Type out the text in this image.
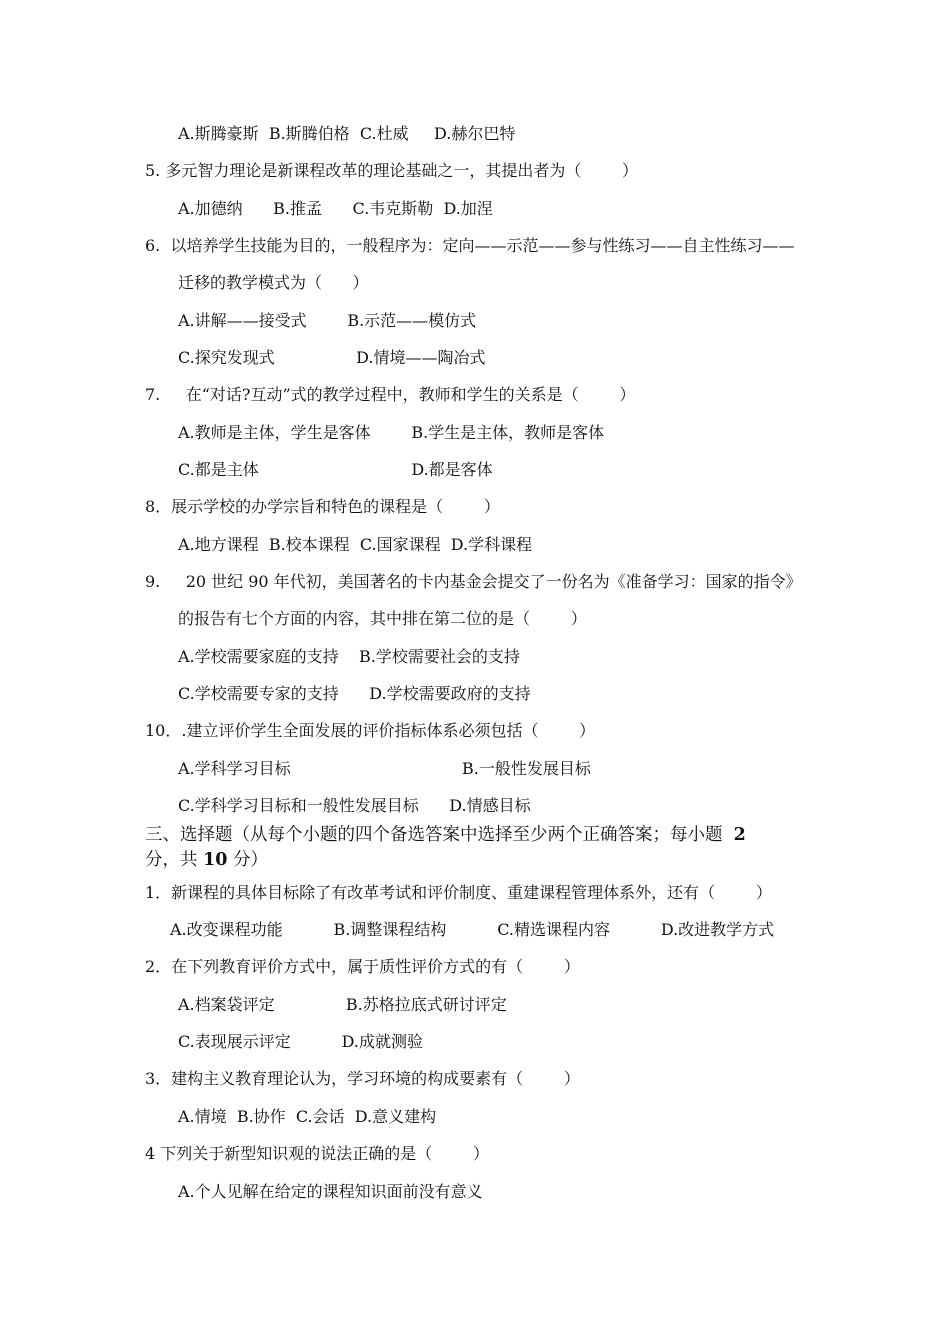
A.斯腾豪斯  B.斯腾伯格  C.杜威     D.赫尔巴特
5. 多元智力理论是新课程改革的理论基础之一，其提出者为（        ）
A.加德纳      B.推孟      C.韦克斯勒  D.加涅
6.  以培养学生技能为目的，一般程序为：定向——示范——参与性练习——自主性练习——
迁移的教学模式为（      ）
A.讲解——接受式        B.示范——模仿式
C.探究发现式                D.情境——陶冶式
7.     在“对话?互动”式的教学过程中，教师和学生的关系是（        ）
A.教师是主体，学生是客体        B.学生是主体，教师是客体
C.都是主体                              D.都是客体
8．展示学校的办学宗旨和特色的课程是（        ）
A.地方课程  B.校本课程  C.国家课程  D.学科课程
9.     20 世纪 90 年代初，美国著名的卡内基金会提交了一份名为《准备学习：国家的指令》
的报告有七个方面的内容，其中排在第二位的是（        ）
A.学校需要家庭的支持    B.学校需要社会的支持
C.学校需要专家的支持      D.学校需要政府的支持
10．.建立评价学生全面发展的评价指标体系必须包括（        ）
A.学科学习目标	B.一般性发展目标
C.学科学习目标和一般性发展目标      D.情感目标
三、选择题（从每个小题的四个备选答案中选择至少两个正确答案；每小题  2
分，共 10 分）
1．新课程的具体目标除了有改革考试和评价制度、重建课程管理体系外，还有（        ）
A.改变课程功能          B.调整课程结构          C.精选课程内容          D.改进教学方式
2．在下列教育评价方式中，属于质性评价方式的有（        ）
A.档案袋评定              B.苏格拉底式研讨评定
C.表现展示评定          D.成就测验
3．建构主义教育理论认为，学习环境的构成要素有（        ）
A.情境  B.协作  C.会话  D.意义建构
4 下列关于新型知识观的说法正确的是（        ）
A.个人见解在给定的课程知识面前没有意义
